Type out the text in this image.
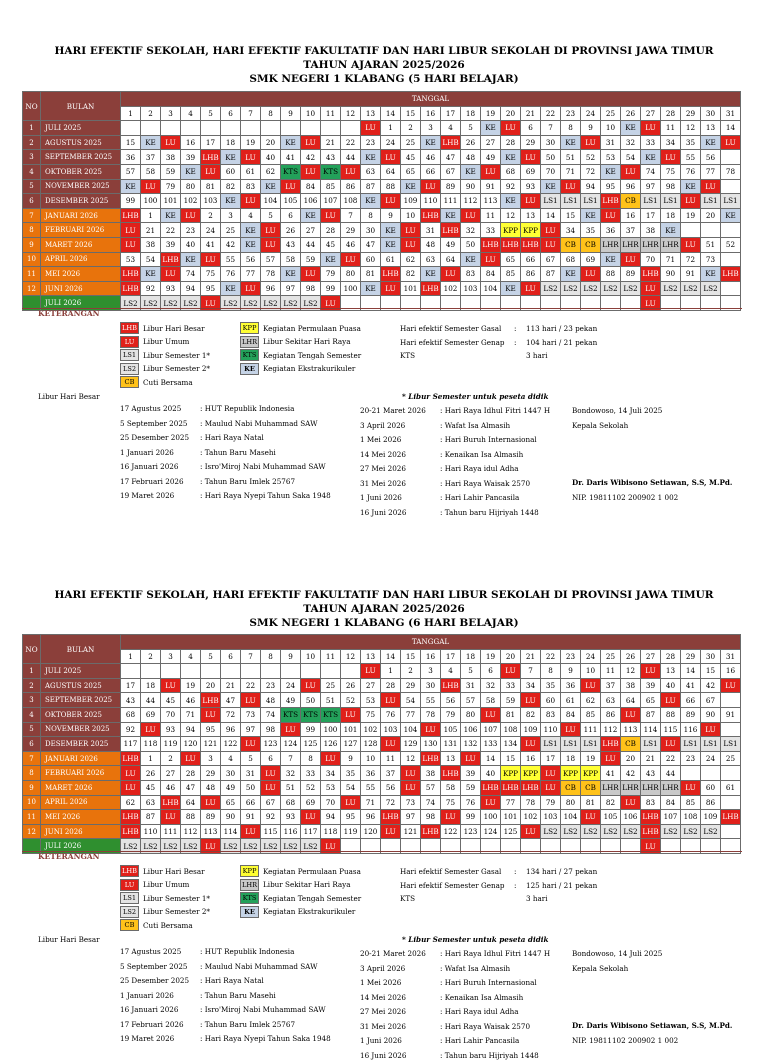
HARI EFEKTIF SEKOLAH, HARI EFEKTIF FAKULTATIF DAN HARI LIBUR SEKOLAH DI PROVINSI JAWA TIMUR
TAHUN AJARAN 2025/2026
SMK NEGERI 1 KLABANG (5 HARI BELAJAR)
NO	BULAN	TANGGAL																														
		1	2	3	4	5	6	7	8	9	10	11	12	13	14	15	16	17	18	19	20	21	22	23	24	25	26	27	28	29	30	31
1	JULI 2025													LU	1	2	3	4	5	KE	LU	6	7	8	9	10	KE	LU	11	12	13	14
2	AGUSTUS 2025	15	KE	LU	16	17	18	19	20	KE	LU	21	22	23	24	25	KE	LHB	26	27	28	29	30	KE	LU	31	32	33	34	35	KE	LU
3	SEPTEMBER 2025	36	37	38	39	LHB	KE	LU	40	41	42	43	44	KE	LU	45	46	47	48	49	KE	LU	50	51	52	53	54	KE	LU	55	56	
4	OKTOBER 2025	57	58	59	KE	LU	60	61	62	KTS	LU	KTS	LU	63	64	65	66	67	KE	LU	68	69	70	71	72	KE	LU	74	75	76	77	78
5	NOVEMBER 2025	KE	LU	79	80	81	82	83	KE	LU	84	85	86	87	88	KE	LU	89	90	91	92	93	KE	LU	94	95	96	97	98	KE	LU	
6	DESEMBER 2025	99	100	101	102	103	KE	LU	104	105	106	107	108	KE	LU	109	110	111	112	113	KE	LU	LS1	LS1	LS1	LHB	CB	LS1	LS1	LU	LS1	LS1
7	JANUARI 2026	LHB	1	KE	LU	2	3	4	5	6	KE	LU	7	8	9	10	LHB	KE	LU	11	12	13	14	15	KE	LU	16	17	18	19	20	KE
8	FEBRUARI 2026	LU	21	22	23	24	25	KE	LU	26	27	28	29	30	KE	LU	31	LHB	32	33	KPP	KPP	LU	34	35	36	37	38	KE			
9	MARET 2026	LU	38	39	40	41	42	KE	LU	43	44	45	46	47	KE	LU	48	49	50	LHB	LHB	LHB	LU	CB	CB	LHR	LHR	LHR	LHR	LU	51	52
10	APRIL 2026	53	54	LHB	KE	LU	55	56	57	58	59	KE	LU	60	61	62	63	64	KE	LU	65	66	67	68	69	KE	LU	70	71	72	73	
11	MEI 2026	LHB	KE	LU	74	75	76	77	78	KE	LU	79	80	81	LHB	82	KE	LU	83	84	85	86	87	KE	LU	88	89	LHB	90	91	KE	LHB
12	JUNI 2026	LHB	92	93	94	95	KE	LU	96	97	98	99	100	KE	LU	101	LHB	102	103	104	KE	LU	LS2	LS2	LS2	LS2	LS2	LU	LS2	LS2	LS2	
	JULI 2026	LS2	LS2	LS2	LS2	LU	LS2	LS2	LS2	LS2	LS2	LU																LU				
KETERANGAN
LHB Libur Hari Besar
LU	Libur Umum
LS1 Libur Semester 1*
LS2 Libur Semester 2*
CB	Cuti Bersama
KPP Kegiatan Permulaan Puasa
LHR Libur Sekitar Hari Raya
KTS Kegiatan Tengah Semester
KE	Kegiatan Ekstrakurikuler
Hari efektif Semester Gasal : 113 hari / 23 pekan
Hari efektif Semester Genap : 104 hari / 21 pekan
KTS	3 hari
Libur Hari Besar	* Libur Semester untuk peseta didik
17 Agustus 2025	: HUT Republik Indonesia
5 September 2025 : Maulud Nabi Muhammad SAW
25 Desember 2025 : Hari Raya Natal
1 Januari 2026	: Tahun Baru Masehi
16 Januari 2026	: Isro'Miroj Nabi Muhammad SAW
17 Februari 2026 : Tahun Baru Imlek 25767
19 Maret 2026	: Hari Raya Nyepi Tahun Saka 1948
20-21 Maret 2026 : Hari Raya Idhul Fitri 1447 H
3 April 2026	: Wafat Isa Almasih
1 Mei 2026	: Hari Buruh Internasional
14 Mei 2026	: Kenaikan Isa Almasih
27 Mei 2026	: Hari Raya idul Adha
31 Mei 2026	: Hari Raya Waisak 2570
1 Juni 2026	: Hari Lahir Pancasila
16 Juni 2026	: Tahun baru Hijriyah 1448
Bondowoso, 14 Juli 2025
Kepala Sekolah
Dr. Daris Wibisono Setiawan, S.S, M.Pd.
NIP. 19811102 200902 1 002
HARI EFEKTIF SEKOLAH, HARI EFEKTIF FAKULTATIF DAN HARI LIBUR SEKOLAH DI PROVINSI JAWA TIMUR
TAHUN AJARAN 2025/2026
SMK NEGERI 1 KLABANG (6 HARI BELAJAR)
NO	BULAN	TANGGAL																														
		1	2	3	4	5	6	7	8	9	10	11	12	13	14	15	16	17	18	19	20	21	22	23	24	25	26	27	28	29	30	31
1	JULI 2025													LU	1	2	3	4	5	6	LU	7	8	9	10	11	12	LU	13	14	15	16
2	AGUSTUS 2025	17	18	LU	19	20	21	22	23	24	LU	25	26	27	28	29	30	LHB	31	32	33	34	35	36	LU	37	38	39	40	41	42	LU
3	SEPTEMBER 2025	43	44	45	46	LHB	47	LU	48	49	50	51	52	53	LU	54	55	56	57	58	59	LU	60	61	62	63	64	65	LU	66	67	
4	OKTOBER 2025	68	69	70	71	LU	72	73	74	KTS	KTS	KTS	LU	75	76	77	78	79	80	LU	81	82	83	84	85	86	LU	87	88	89	90	91
5	NOVEMBER 2025	92	LU	93	94	95	96	97	98	LU	99	100	101	102	103	104	LU	105	106	107	108	109	110	LU	111	112	113	114	115	116	LU	
6	DESEMBER 2025	117	118	119	120	121	122	LU	123	124	125	126	127	128	LU	129	130	131	132	133	134	LU	LS1	LS1	LS1	LHB	CB	LS1	LU	LS1	LS1	LS1
7	JANUARI 2026	LHB	1	2	LU	3	4	5	6	7	8	LU	9	10	11	12	LHB	13	LU	14	15	16	17	18	19	LU	20	21	22	23	24	25
8	FEBRUARI 2026	LU	26	27	28	29	30	31	LU	32	33	34	35	36	37	LU	38	LHB	39	40	KPP	KPP	LU	KPP	KPP	41	42	43	44			
9	MARET 2026	LU	45	46	47	48	49	50	LU	51	52	53	54	55	56	LU	57	58	59	LHB	LHB	LHB	LU	CB	CB	LHR	LHR	LHR	LHR	LU	60	61
10	APRIL 2026	62	63	LHB	64	LU	65	66	67	68	69	70	LU	71	72	73	74	75	76	LU	77	78	79	80	81	82	LU	83	84	85	86	
11	MEI 2026	LHB	87	LU	88	89	90	91	92	93	LU	94	95	96	LHB	97	98	LU	99	100	101	102	103	104	LU	105	106	LHB	107	108	109	LHB
12	JUNI 2026	LHB	110	111	112	113	114	LU	115	116	117	118	119	120	LU	121	LHB	122	123	124	125	LU	LS2	LS2	LS2	LS2	LS2	LHB	LS2	LS2	LS2	
	JULI 2026	LS2	LS2	LS2	LS2	LU	LS2	LS2	LS2	LS2	LS2	LU																LU				
KETERANGAN
LHB Libur Hari Besar
LU	Libur Umum
LS1 Libur Semester 1*
LS2 Libur Semester 2*
CB	Cuti Bersama
KPP Kegiatan Permulaan Puasa
LHR Libur Sekitar Hari Raya
KTS Kegiatan Tengah Semester
KE	Kegiatan Ekstrakurikuler
Hari efektif Semester Gasal : 134 hari / 27 pekan
Hari efektif Semester Genap : 125 hari / 21 pekan
KTS	3 hari
Libur Hari Besar	* Libur Semester untuk peseta didik
17 Agustus 2025	: HUT Republik Indonesia
5 September 2025 : Maulud Nabi Muhammad SAW
25 Desember 2025 : Hari Raya Natal
1 Januari 2026	: Tahun Baru Masehi
16 Januari 2026	: Isro'Miroj Nabi Muhammad SAW
17 Februari 2026 : Tahun Baru Imlek 25767
19 Maret 2026	: Hari Raya Nyepi Tahun Saka 1948
20-21 Maret 2026 : Hari Raya Idhul Fitri 1447 H
3 April 2026	: Wafat Isa Almasih
1 Mei 2026	: Hari Buruh Internasional
14 Mei 2026	: Kenaikan Isa Almasih
27 Mei 2026	: Hari Raya idul Adha
31 Mei 2026	: Hari Raya Waisak 2570
1 Juni 2026	: Hari Lahir Pancasila
16 Juni 2026	: Tahun baru Hijriyah 1448
Bondowoso, 14 Juli 2025
Kepala Sekolah
Dr. Daris Wibisono Setiawan, S.S, M.Pd.
NIP. 19811102 200902 1 002
